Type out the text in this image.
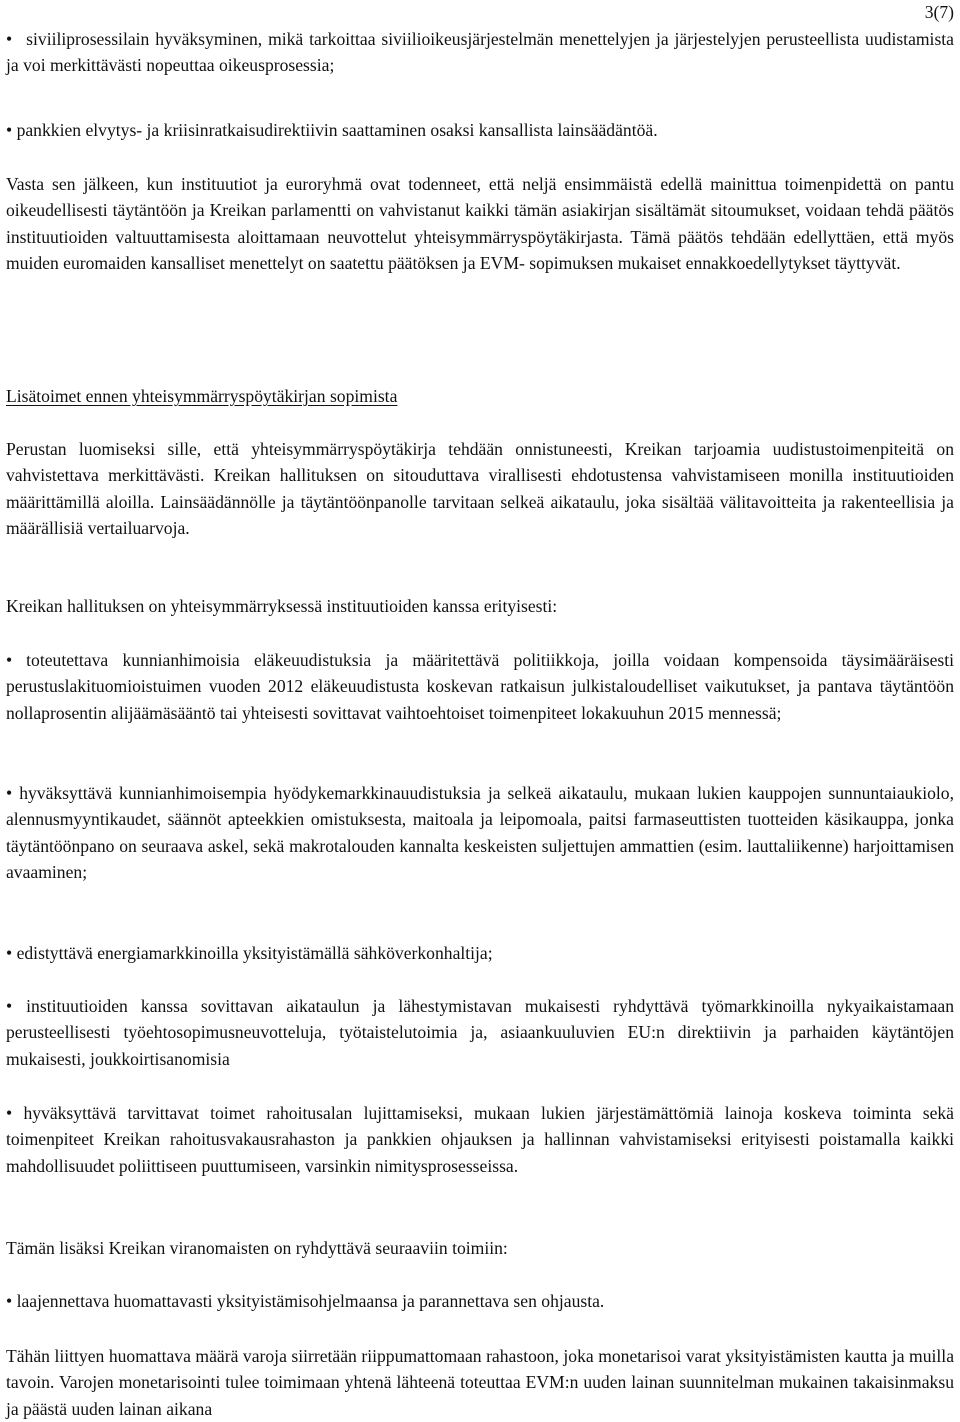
3(7)

• siviiliprosessilain hyväksyminen, mikä tarkoittaa siviilioikeusjärjestelmän menettelyjen ja järjestelyjen perusteellista uudistamista ja voi merkittävästi nopeuttaa oikeusprosessia;

• pankkien elvytys- ja kriisinratkaisudirektiivin saattaminen osaksi kansallista lainsäädäntöä.

Vasta sen jälkeen, kun instituutiot ja euroryhmä ovat todenneet, että neljä ensimmäistä edellä mainittua toimenpidettä on pantu oikeudellisesti täytäntöön ja Kreikan parlamentti on vahvistanut kaikki tämän asiakirjan sisältämät sitoumukset, voidaan tehdä päätös instituutioiden valtuuttamisesta aloittamaan neuvottelut yhteisymmärryspöytäkirjasta. Tämä päätös tehdään edellyttäen, että myös muiden euromaiden kansalliset menettelyt on saatettu päätöksen ja EVM- sopimuksen mukaiset ennakkoedellytykset täyttyvät.

Lisätoimet ennen yhteisymmärryspöytäkirjan sopimista

Perustan luomiseksi sille, että yhteisymmärryspöytäkirja tehdään onnistuneesti, Kreikan tarjoamia uudistustoimenpiteitä on vahvistettava merkittävästi. Kreikan hallituksen on sitouduttava virallisesti ehdotustensa vahvistamiseen monilla instituutioiden määrittämillä aloilla. Lainsäädännölle ja täytäntöönpanolle tarvitaan selkeä aikataulu, joka sisältää välitavoitteita ja rakenteellisia ja määrällisiä vertailuarvoja.

Kreikan hallituksen on yhteisymmärryksessä instituutioiden kanssa erityisesti:

• toteutettava kunnianhimoisia eläkeuudistuksia ja määritettävä politiikkoja, joilla voidaan kompensoida täysimääräisesti perustuslakituomioistuimen vuoden 2012 eläkeuudistusta koskevan ratkaisun julkistaloudelliset vaikutukset, ja pantava täytäntöön nollaprosentin alijäämäsääntö tai yhteisesti sovittavat vaihtoehtoiset toimenpiteet lokakuuhun 2015 mennessä;

• hyväksyttävä kunnianhimoisempia hyödykemarkkinauudistuksia ja selkeä aikataulu, mukaan lukien kauppojen sunnuntaiaukiolo, alennusmyyntikaudet, säännöt apteekkien omistuksesta, maitoala ja leipomoala, paitsi farmaseuttisten tuotteiden käsikauppa, jonka täytäntöönpano on seuraava askel, sekä makrotalouden kannalta keskeisten suljettujen ammattien (esim. lauttaliikenne) harjoittamisen avaaminen;

• edistyttävä energiamarkkinoilla yksityistämällä sähköverkonhaltija;

• instituutioiden kanssa sovittavan aikataulun ja lähestymistavan mukaisesti ryhdyttävä työmarkkinoilla nykyaikaistamaan perusteellisesti työehtosopimusneuvotteluja, työtaistelutoimia ja, asiaankuuluvien EU:n direktiivin ja parhaiden käytäntöjen mukaisesti, joukkoirtisanomisia

• hyväksyttävä tarvittavat toimet rahoitusalan lujittamiseksi, mukaan lukien järjestämättömiä lainoja koskeva toiminta sekä toimenpiteet Kreikan rahoitusvakausrahaston ja pankkien ohjauksen ja hallinnan vahvistamiseksi erityisesti poistamalla kaikki mahdollisuudet poliittiseen puuttumiseen, varsinkin nimitysprosesseissa.

Tämän lisäksi Kreikan viranomaisten on ryhdyttävä seuraaviin toimiin:

• laajennettava huomattavasti yksityistämisohjelmaansa ja parannettava sen ohjausta.

Tähän liittyen huomattava määrä varoja siirretään riippumattomaan rahastoon, joka monetarisoi varat yksityistämisten kautta ja muilla tavoin. Varojen monetarisointi tulee toimimaan yhtenä lähteenä toteuttaa EVM:n uuden lainan suunnitelman mukainen takaisinmaksu ja päästä uuden lainan aikana
